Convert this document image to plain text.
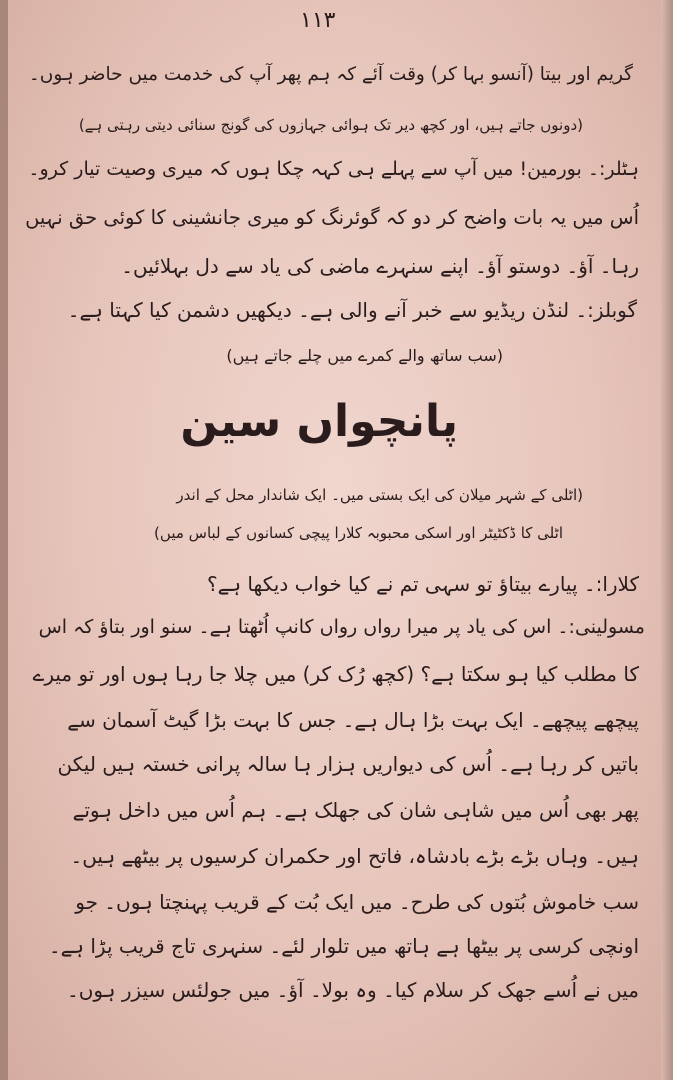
۱۱۳
گریم اور بیتا (آنسو بہا کر) وقت آئے کہ ہم پھر آپ کی خدمت میں حاضر ہوں۔
(دونوں جاتے ہیں، اور کچھ دیر تک ہوائی جہازوں کی گونج سنائی دیتی رہتی ہے)
ہٹلر:۔ بورمین! میں آپ سے پہلے ہی کہہ چکا ہوں کہ میری وصیت تیار کرو۔
اُس میں یہ بات واضح کر دو کہ گوئرنگ کو میری جانشینی کا کوئی حق نہیں
رہا۔ آؤ۔ دوستو آؤ۔ اپنے سنہرے ماضی کی یاد سے دل بہلائیں۔
گوبلز:۔ لنڈن ریڈیو سے خبر آنے والی ہے۔ دیکھیں دشمن کیا کہتا ہے۔
(سب ساتھ والے کمرے میں چلے جاتے ہیں)
پانچواں سین
(اٹلی کے شہر میلان کی ایک بستی میں۔ ایک شاندار محل کے اندر
اٹلی کا ڈکٹیٹر اور اسکی محبوبہ کلارا پیچی کسانوں کے لباس میں)
کلارا:۔ پیارے بیتاؤ تو سہی تم نے کیا خواب دیکھا ہے؟
مسولینی:۔ اس کی یاد پر میرا رواں رواں کانپ اُٹھتا ہے۔ سنو اور بتاؤ کہ اس
کا مطلب کیا ہو سکتا ہے؟ (کچھ رُک کر) میں چلا جا رہا ہوں اور تو میرے
پیچھے پیچھے۔ ایک بہت بڑا ہال ہے۔ جس کا بہت بڑا گیٹ آسمان سے
باتیں کر رہا ہے۔ اُس کی دیواریں ہزار ہا سالہ پرانی خستہ ہیں لیکن
پھر بھی اُس میں شاہی شان کی جھلک ہے۔ ہم اُس میں داخل ہوتے
ہیں۔ وہاں بڑے بڑے بادشاہ، فاتح اور حکمران کرسیوں پر بیٹھے ہیں۔
سب خاموش بُتوں کی طرح۔ میں ایک بُت کے قریب پہنچتا ہوں۔ جو
اونچی کرسی پر بیٹھا ہے ہاتھ میں تلوار لئے۔ سنہری تاج قریب پڑا ہے۔
میں نے اُسے جھک کر سلام کیا۔ وہ بولا۔ آؤ۔ میں جولئس سیزر ہوں۔
